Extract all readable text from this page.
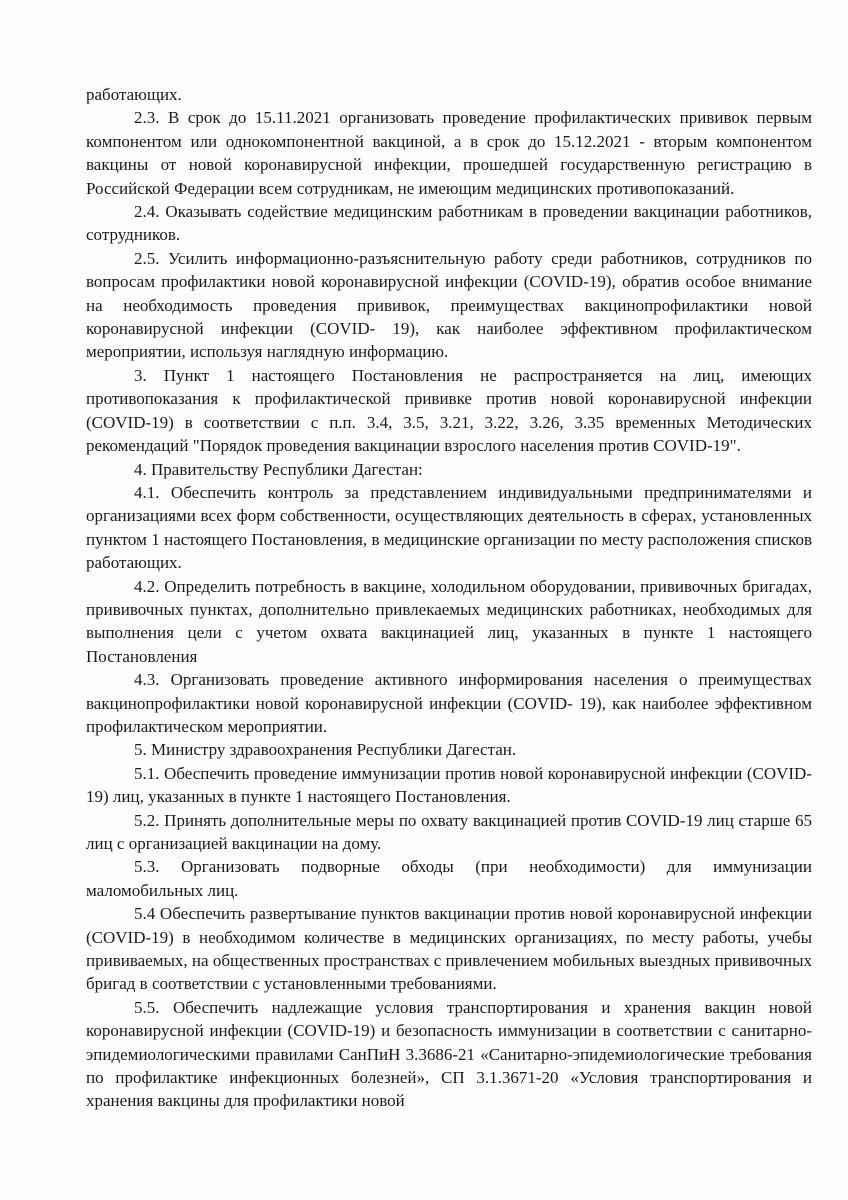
работающих.

2.3. В срок до 15.11.2021 организовать проведение профилактических прививок первым компонентом или однокомпонентной вакциной, а в срок до 15.12.2021 - вторым компонентом вакцины от новой коронавирусной инфекции, прошедшей государственную регистрацию в Российской Федерации всем сотрудникам, не имеющим медицинских противопоказаний.

2.4. Оказывать содействие медицинским работникам в проведении вакцинации работников, сотрудников.

2.5. Усилить информационно-разъяснительную работу среди работников, сотрудников по вопросам профилактики новой коронавирусной инфекции (COVID-19), обратив особое внимание на необходимость проведения прививок, преимуществах вакцинопрофилактики новой коронавирусной инфекции (COVID- 19), как наиболее эффективном профилактическом мероприятии, используя наглядную информацию.

3. Пункт 1 настоящего Постановления не распространяется на лиц, имеющих противопоказания к профилактической прививке против новой коронавирусной инфекции (COVID-19) в соответствии с п.п. 3.4, 3.5, 3.21, 3.22, 3.26, 3.35 временных Методических рекомендаций "Порядок проведения вакцинации взрослого населения против COVID-19".

4. Правительству Республики Дагестан:

4.1. Обеспечить контроль за представлением индивидуальными предпринимателями и организациями всех форм собственности, осуществляющих деятельность в сферах, установленных пунктом 1 настоящего Постановления, в медицинские организации по месту расположения списков работающих.

4.2. Определить потребность в вакцине, холодильном оборудовании, прививочных бригадах, прививочных пунктах, дополнительно привлекаемых медицинских работниках, необходимых для выполнения цели с учетом охвата вакцинацией лиц, указанных в пункте 1 настоящего Постановления

4.3. Организовать проведение активного информирования населения о преимуществах вакцинопрофилактики новой коронавирусной инфекции (COVID- 19), как наиболее эффективном профилактическом мероприятии.

5. Министру здравоохранения Республики Дагестан.

5.1. Обеспечить проведение иммунизации против новой коронавирусной инфекции (COVID-19) лиц, указанных в пункте 1 настоящего Постановления.

5.2. Принять дополнительные меры по охвату вакцинацией против COVID-19 лиц старше 65 лиц с организацией вакцинации на дому.

5.3. Организовать подворные обходы (при необходимости) для иммунизации маломобильных лиц.

5.4 Обеспечить развертывание пунктов вакцинации против новой коронавирусной инфекции (COVID-19) в необходимом количестве в медицинских организациях, по месту работы, учебы прививаемых, на общественных пространствах с привлечением мобильных выездных прививочных бригад в соответствии с установленными требованиями.

5.5. Обеспечить надлежащие условия транспортирования и хранения вакцин новой коронавирусной инфекции (COVID-19) и безопасность иммунизации в соответствии с санитарно-эпидемиологическими правилами СанПиН 3.3686-21 «Санитарно-эпидемиологические требования по профилактике инфекционных болезней», СП 3.1.3671-20 «Условия транспортирования и хранения вакцины для профилактики новой
